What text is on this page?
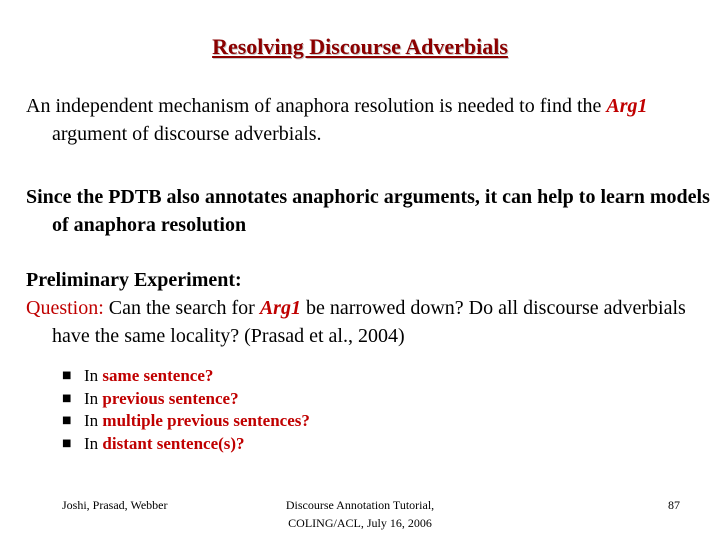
Resolving Discourse Adverbials
An independent mechanism of anaphora resolution is needed to find the Arg1 argument of discourse adverbials.
Since the PDTB also annotates anaphoric arguments, it can help to learn models of anaphora resolution
Preliminary Experiment:
Question: Can the search for Arg1 be narrowed down? Do all discourse adverbials have the same locality? (Prasad et al., 2004)
■ In same sentence?
■ In previous sentence?
■ In multiple previous sentences?
■ In distant sentence(s)?
Joshi, Prasad, Webber	Discourse Annotation Tutorial,
COLING/ACL, July 16, 2006
87
